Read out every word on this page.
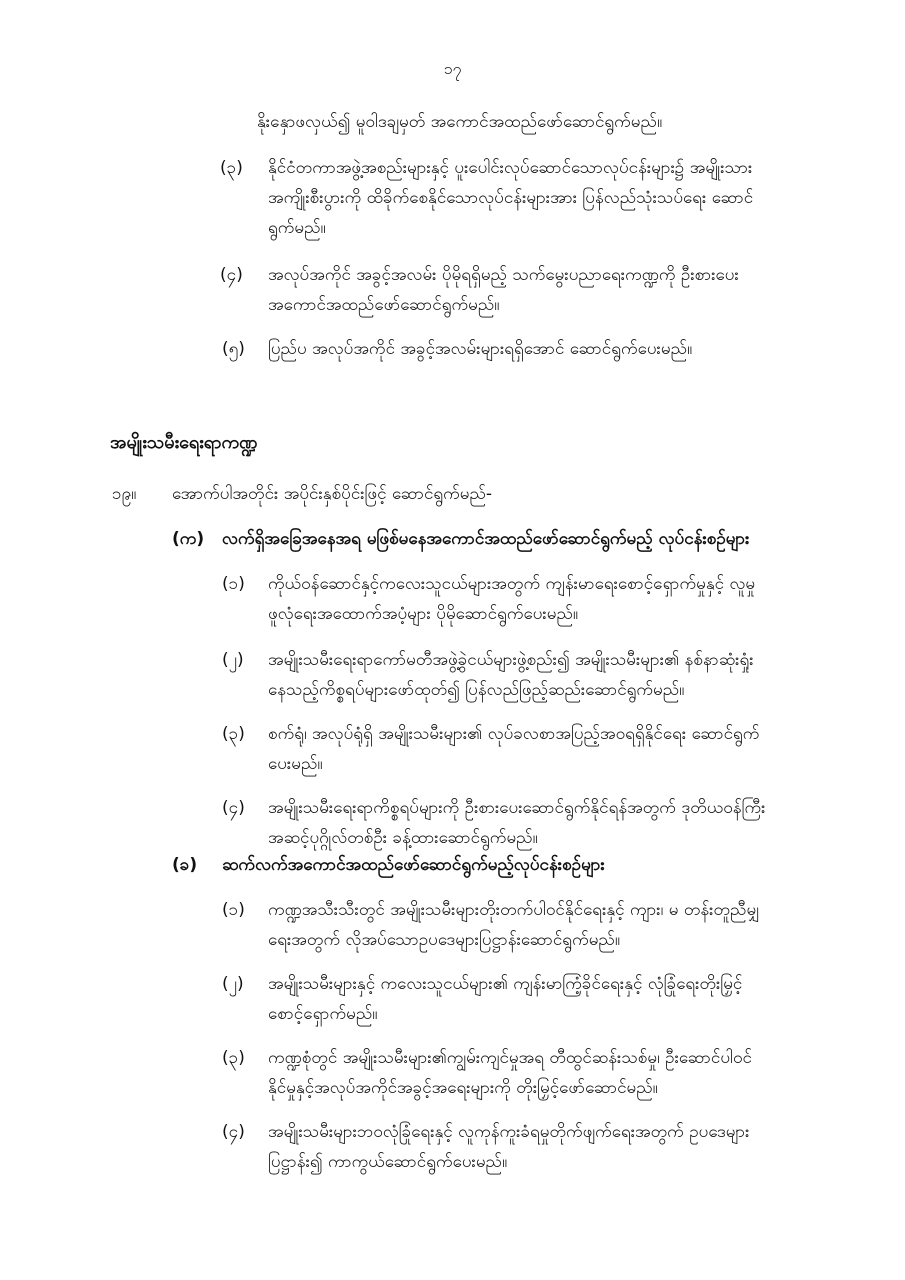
၁၇
နိုးနှောဖလှယ်၍ မူဝါဒချမှတ် အကောင်အထည်ဖော်ဆောင်ရွက်မည်။
(၃) နိုင်ငံတကာအဖွဲ့အစည်းများနှင့် ပူးပေါင်းလုပ်ဆောင်သောလုပ်ငန်းများ၌ အမျိုးသား
အကျိုးစီးပွားကို ထိခိုက်စေနိုင်သောလုပ်ငန်းများအား ပြန်လည်သုံးသပ်ရေး ဆောင်
ရွက်မည်။
(၄) အလုပ်အကိုင် အခွင့်အလမ်း ပိုမိုရရှိမည့် သက်မွေးပညာရေးကဏ္ဍကို ဦးစားပေး
အကောင်အထည်ဖော်ဆောင်ရွက်မည်။
(၅) ပြည်ပ အလုပ်အကိုင် အခွင့်အလမ်းများရရှိအောင် ဆောင်ရွက်ပေးမည်။
အမျိုးသမီးရေးရာကဏ္ဍ
၁၉။ အောက်ပါအတိုင်း အပိုင်းနှစ်ပိုင်းဖြင့် ဆောင်ရွက်မည်-
(က) လက်ရှိအခြေအနေအရ မဖြစ်မနေအကောင်အထည်ဖော်ဆောင်ရွက်မည့် လုပ်ငန်းစဉ်များ
(၁) ကိုယ်ဝန်ဆောင်နှင့်ကလေးသူငယ်များအတွက် ကျန်းမာရေးစောင့်ရှောက်မှုနှင့် လူမှု
ဖူလုံရေးအထောက်အပံ့များ ပိုမိုဆောင်ရွက်ပေးမည်။
(၂) အမျိုးသမီးရေးရာကော်မတီအဖွဲ့ခွဲငယ်များဖွဲ့စည်း၍ အမျိုးသမီးများ၏ နစ်နာဆုံးရှုံး
နေသည့်ကိစ္စရပ်များဖော်ထုတ်၍ ပြန်လည်ဖြည့်ဆည်းဆောင်ရွက်မည်။
(၃) စက်ရုံ၊ အလုပ်ရုံရှိ အမျိုးသမီးများ၏ လုပ်ခလစာအပြည့်အဝရရှိနိုင်ရေး ဆောင်ရွက်
ပေးမည်။
(၄) အမျိုးသမီးရေးရာကိစ္စရပ်များကို ဦးစားပေးဆောင်ရွက်နိုင်ရန်အတွက် ဒုတိယဝန်ကြီး
အဆင့်ပုဂ္ဂိုလ်တစ်ဦး ခန့်ထားဆောင်ရွက်မည်။
(ခ) ဆက်လက်အကောင်အထည်ဖော်ဆောင်ရွက်မည့်လုပ်ငန်းစဉ်များ
(၁) ကဏ္ဍအသီးသီးတွင် အမျိုးသမီးများတိုးတက်ပါဝင်နိုင်ရေးနှင့် ကျား၊ မ တန်းတူညီမျှ
ရေးအတွက် လိုအပ်သောဥပဒေများပြဋ္ဌာန်းဆောင်ရွက်မည်။
(၂) အမျိုးသမီးများနှင့် ကလေးသူငယ်များ၏ ကျန်းမာကြံ့ခိုင်ရေးနှင့် လုံခြုံရေးတိုးမြှင့်
စောင့်ရှောက်မည်။
(၃) ကဏ္ဍစုံတွင် အမျိုးသမီးများ၏ကျွမ်းကျင်မှုအရ တီထွင်ဆန်းသစ်မှု၊ ဦးဆောင်ပါဝင်
နိုင်မှုနှင့်အလုပ်အကိုင်အခွင့်အရေးများကို တိုးမြှင့်ဖော်ဆောင်မည်။
(၄) အမျိုးသမီးများဘဝလုံခြုံရေးနှင့် လူကုန်ကူးခံရမှုတိုက်ဖျက်ရေးအတွက် ဥပဒေများ
ပြဋ္ဌာန်း၍ ကာကွယ်ဆောင်ရွက်ပေးမည်။
